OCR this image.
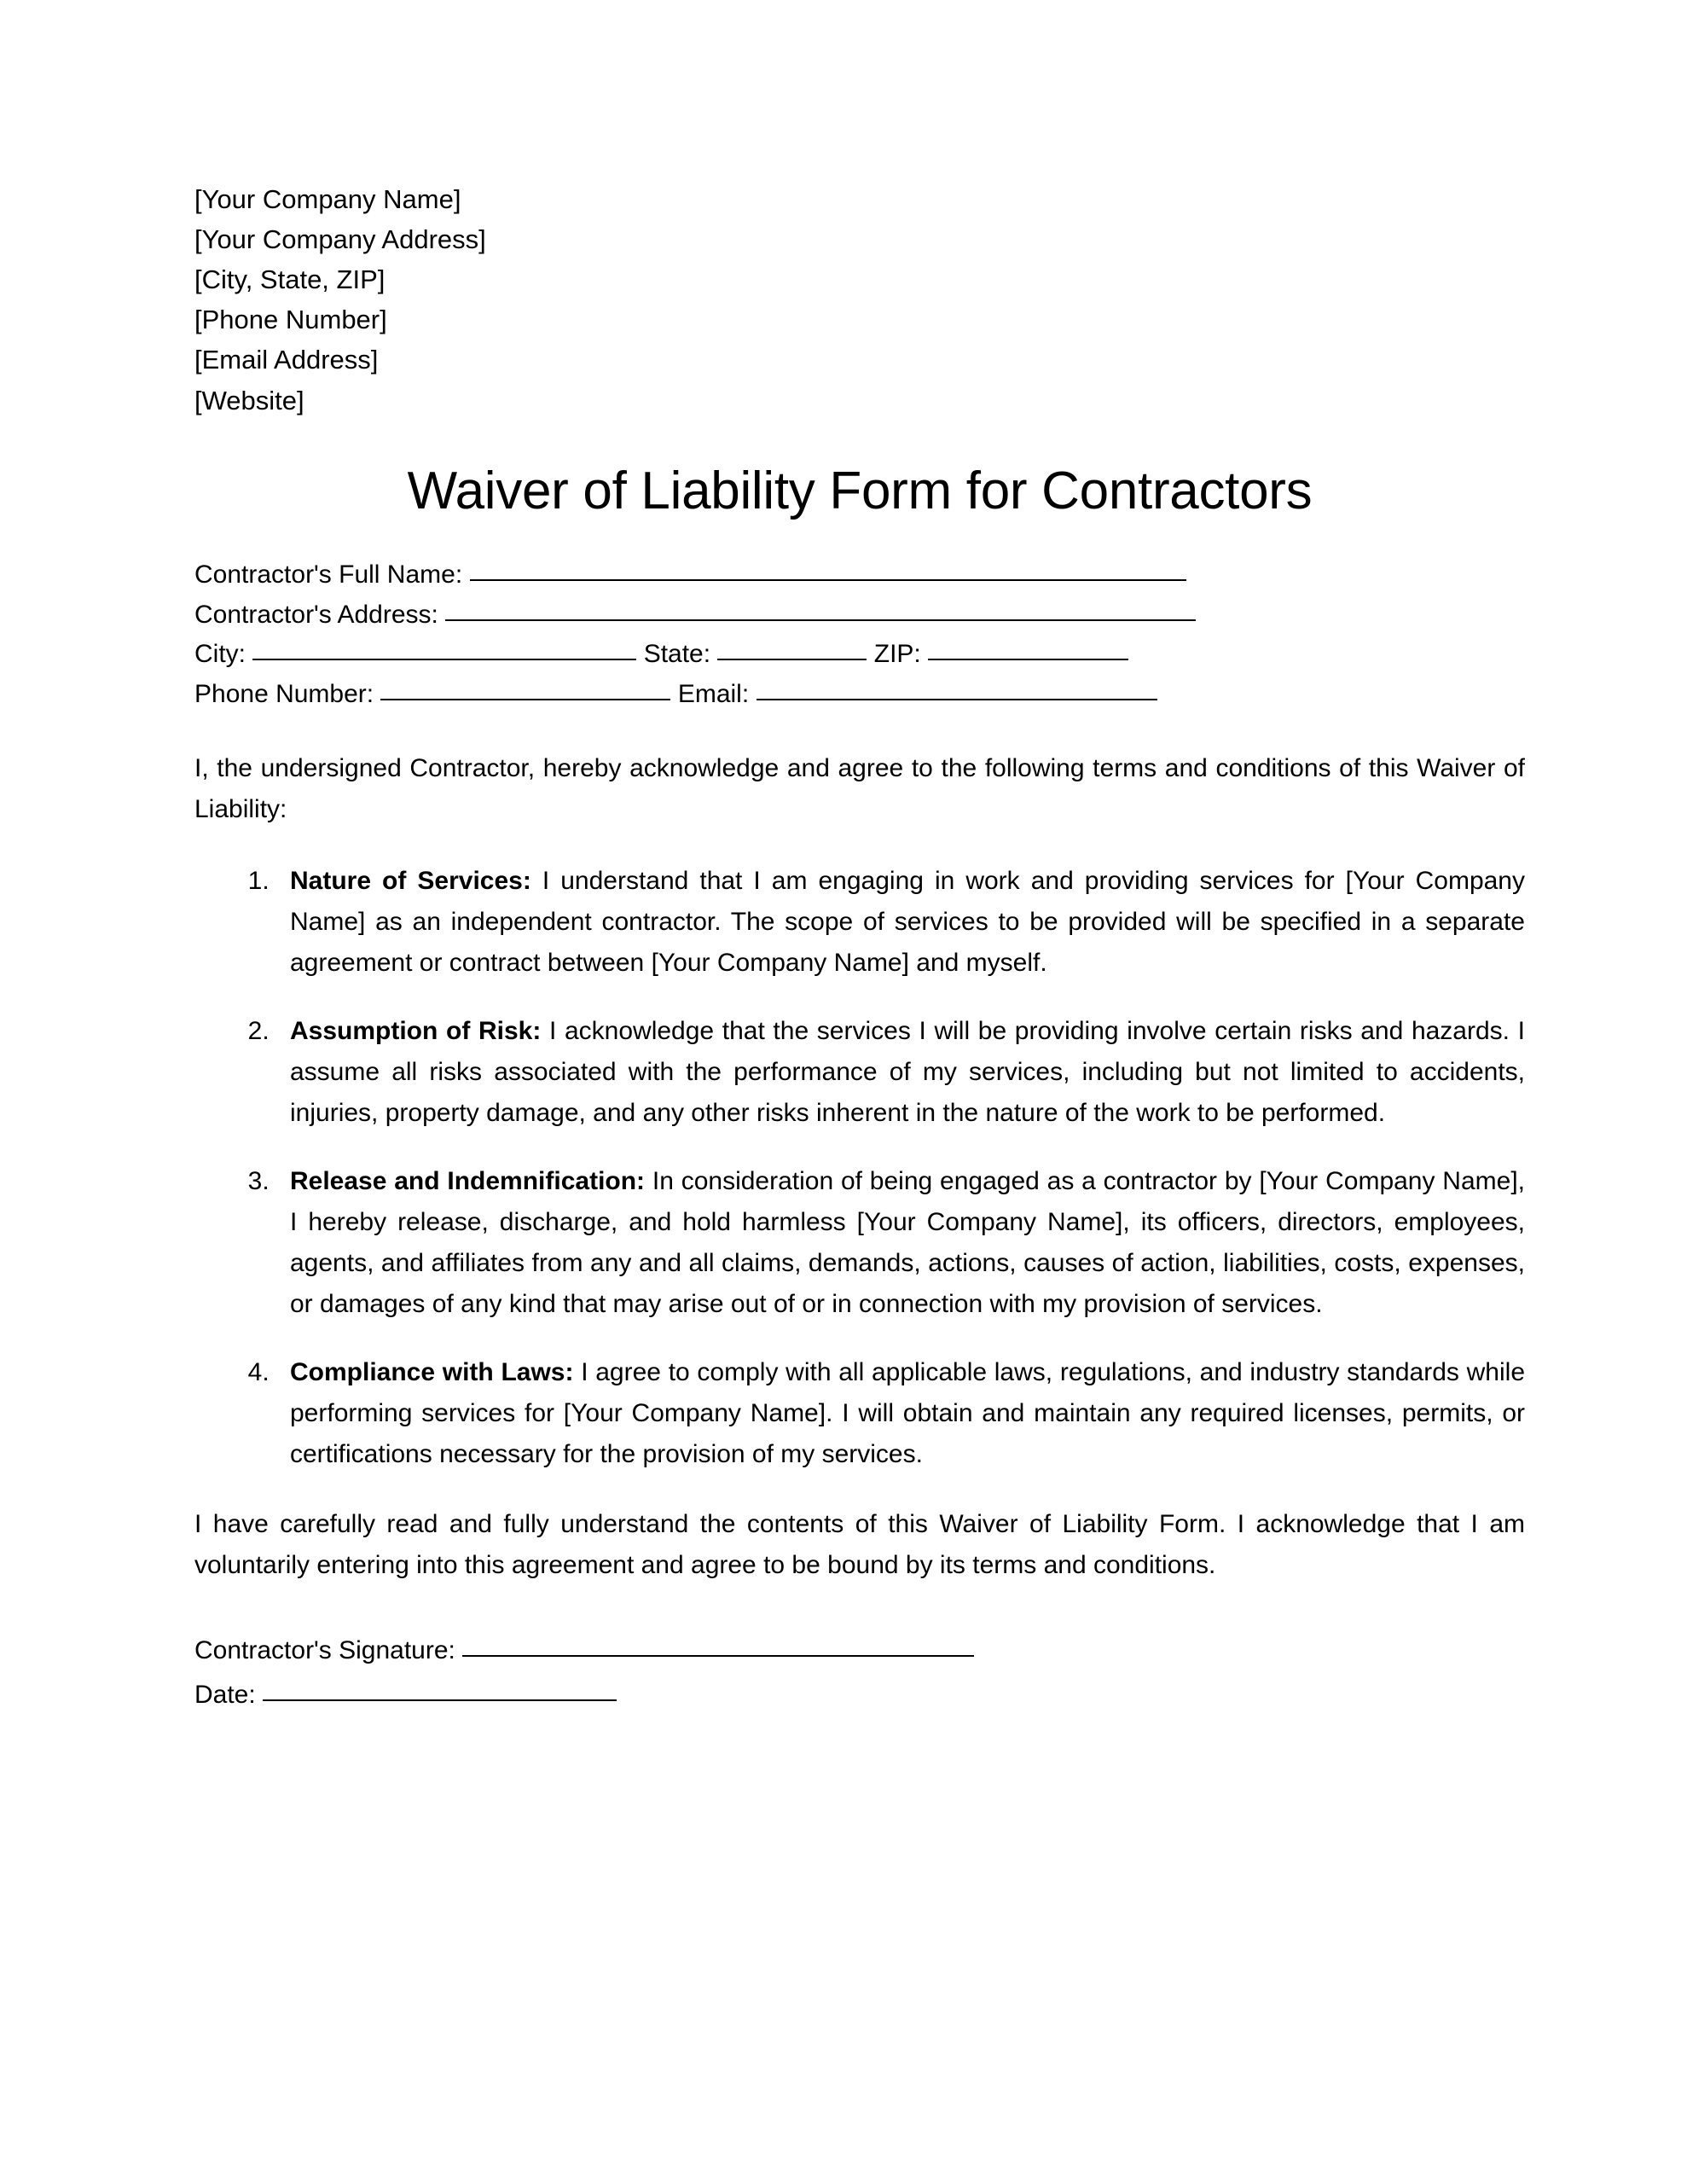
[Your Company Name]
[Your Company Address]
[City, State, ZIP]
[Phone Number]
[Email Address]
[Website]
Waiver of Liability Form for Contractors
Contractor's Full Name:
Contractor's Address:
City:	State:	ZIP:
Phone Number:	Email:

I, the undersigned Contractor, hereby acknowledge and agree to the following terms and conditions of this Waiver of Liability:

1. Nature of Services: I understand that I am engaging in work and providing services for [Your Company Name] as an independent contractor. The scope of services to be provided will be specified in a separate agreement or contract between [Your Company Name] and myself.
2. Assumption of Risk: I acknowledge that the services I will be providing involve certain risks and hazards. I assume all risks associated with the performance of my services, including but not limited to accidents, injuries, property damage, and any other risks inherent in the nature of the work to be performed.
3. Release and Indemnification: In consideration of being engaged as a contractor by [Your Company Name], I hereby release, discharge, and hold harmless [Your Company Name], its officers, directors, employees, agents, and affiliates from any and all claims, demands, actions, causes of action, liabilities, costs, expenses, or damages of any kind that may arise out of or in connection with my provision of services.
4. Compliance with Laws: I agree to comply with all applicable laws, regulations, and industry standards while performing services for [Your Company Name]. I will obtain and maintain any required licenses, permits, or certifications necessary for the provision of my services.

I have carefully read and fully understand the contents of this Waiver of Liability Form. I acknowledge that I am voluntarily entering into this agreement and agree to be bound by its terms and conditions.

Contractor's Signature:
Date:
